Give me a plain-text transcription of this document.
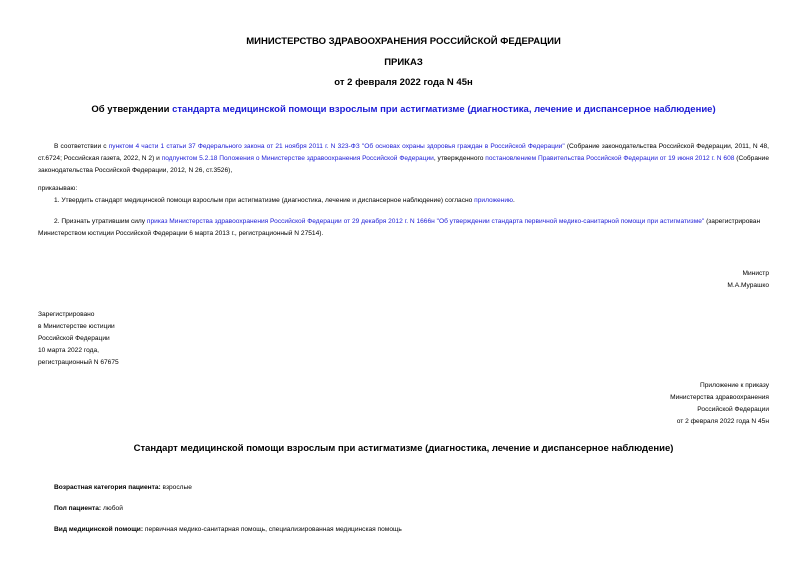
МИНИСТЕРСТВО ЗДРАВООХРАНЕНИЯ РОССИЙСКОЙ ФЕДЕРАЦИИ
ПРИКАЗ
от 2 февраля 2022 года N 45н
Об утверждении стандарта медицинской помощи взрослым при астигматизме (диагностика, лечение и диспансерное наблюдение)
В соответствии с пунктом 4 части 1 статьи 37 Федерального закона от 21 ноября 2011 г. N 323-ФЗ "Об основах охраны здоровья граждан в Российской Федерации" (Собрание законодательства Российской Федерации, 2011, N 48, ст.6724; Российская газета, 2022, N 2) и подпунктом 5.2.18 Положения о Министерстве здравоохранения Российской Федерации, утвержденного постановлением Правительства Российской Федерации от 19 июня 2012 г. N 608 (Собрание законодательства Российской Федерации, 2012, N 26, ст.3526),
приказываю:
1. Утвердить стандарт медицинской помощи взрослым при астигматизме (диагностика, лечение и диспансерное наблюдение) согласно приложению.
2. Признать утратившим силу приказ Министерства здравоохранения Российской Федерации от 29 декабря 2012 г. N 1666н "Об утверждении стандарта первичной медико-санитарной помощи при астигматизме" (зарегистрирован Министерством юстиции Российской Федерации 6 марта 2013 г., регистрационный N 27514).
Министр
М.А.Мурашко
Зарегистрировано
в Министерстве юстиции
Российской Федерации
10 марта 2022 года,
регистрационный N 67675
Приложение к приказу
Министерства здравоохранения
Российской Федерации
от 2 февраля 2022 года N 45н
Стандарт медицинской помощи взрослым при астигматизме (диагностика, лечение и диспансерное наблюдение)
Возрастная категория пациента: взрослые
Пол пациента: любой
Вид медицинской помощи: первичная медико-санитарная помощь, специализированная медицинская помощь
